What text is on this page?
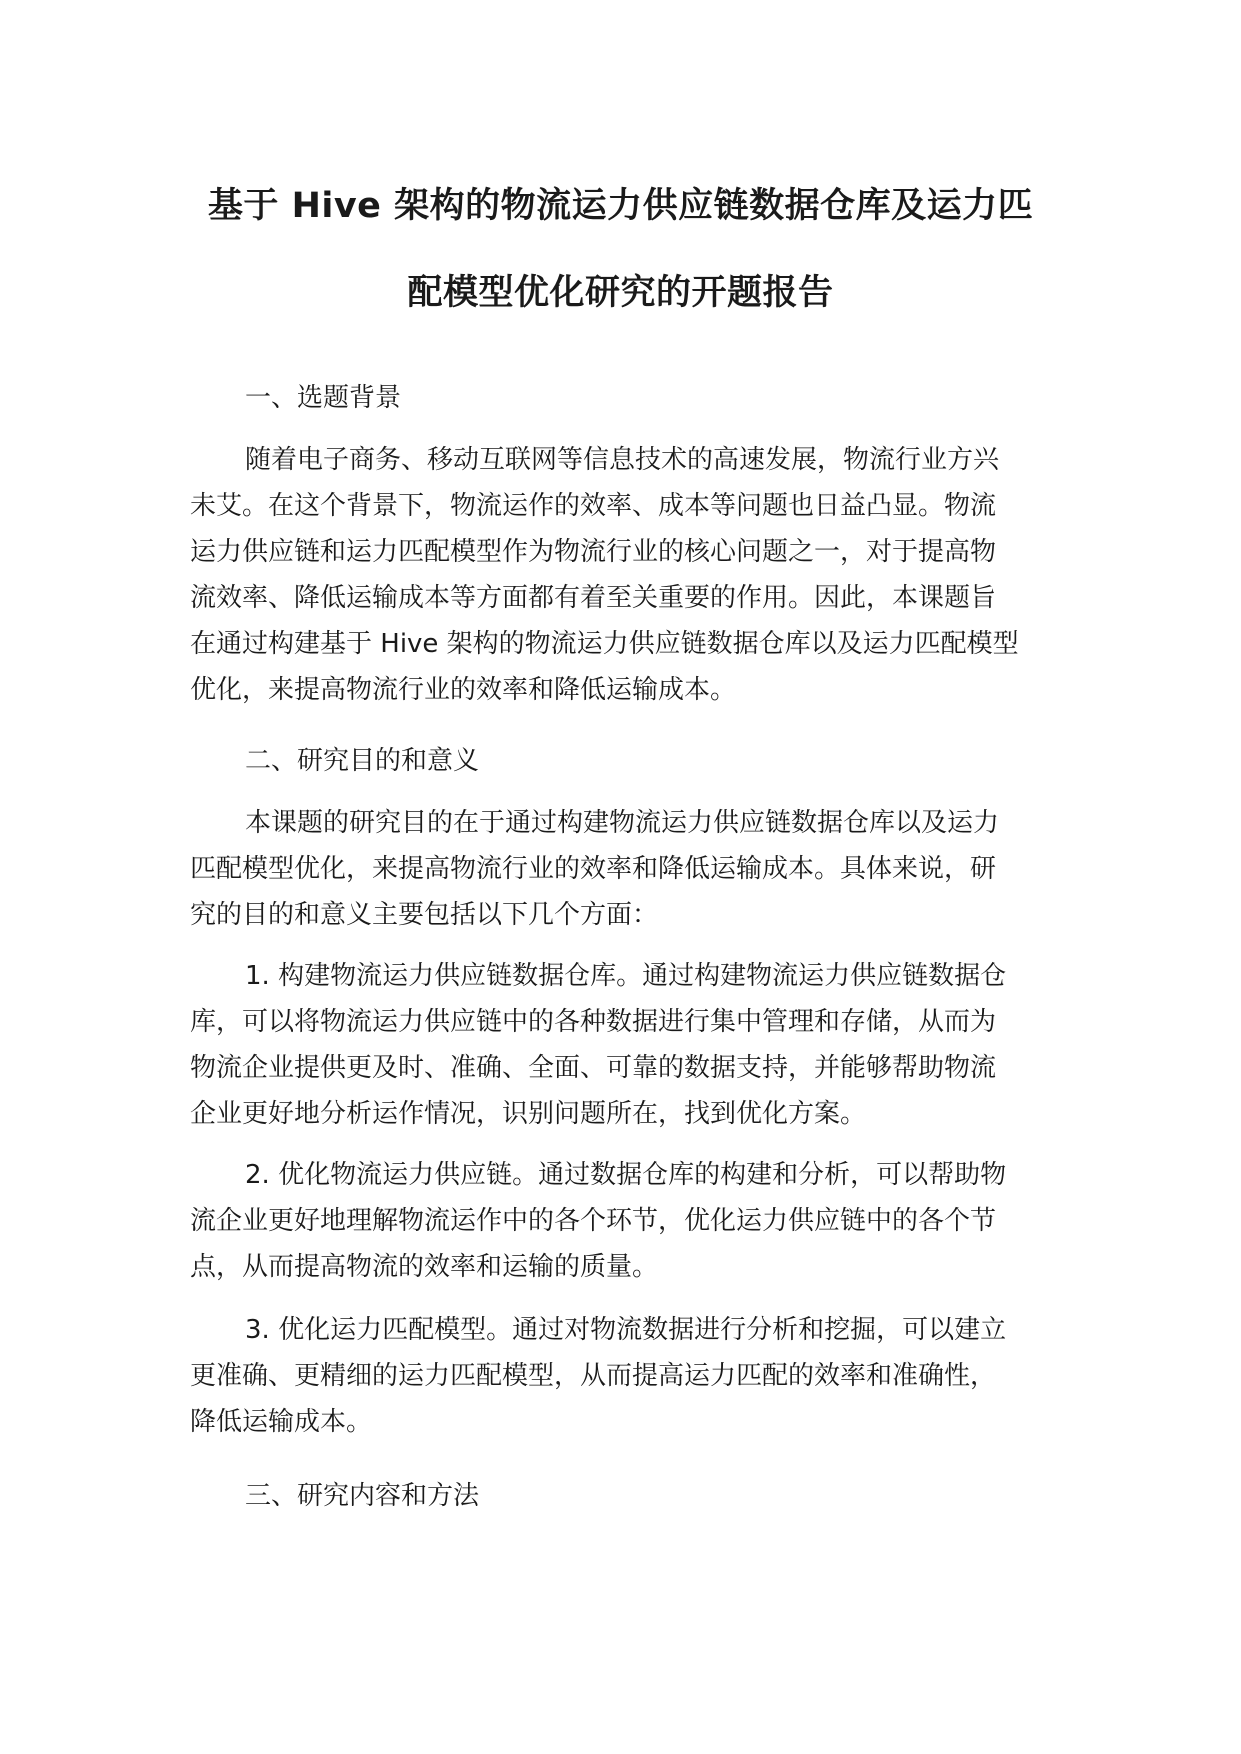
基于 Hive 架构的物流运力供应链数据仓库及运力匹
配模型优化研究的开题报告
一、选题背景

随着电子商务、移动互联网等信息技术的高速发展，物流行业方兴

未艾。在这个背景下，物流运作的效率、成本等问题也日益凸显。物流

运力供应链和运力匹配模型作为物流行业的核心问题之一，对于提高物

流效率、降低运输成本等方面都有着至关重要的作用。因此，本课题旨

在通过构建基于 Hive 架构的物流运力供应链数据仓库以及运力匹配模型

优化，来提高物流行业的效率和降低运输成本。

二、研究目的和意义

本课题的研究目的在于通过构建物流运力供应链数据仓库以及运力

匹配模型优化，来提高物流行业的效率和降低运输成本。具体来说，研

究的目的和意义主要包括以下几个方面：

1. 构建物流运力供应链数据仓库。通过构建物流运力供应链数据仓

库，可以将物流运力供应链中的各种数据进行集中管理和存储，从而为

物流企业提供更及时、准确、全面、可靠的数据支持，并能够帮助物流

企业更好地分析运作情况，识别问题所在，找到优化方案。

2. 优化物流运力供应链。通过数据仓库的构建和分析，可以帮助物

流企业更好地理解物流运作中的各个环节，优化运力供应链中的各个节

点，从而提高物流的效率和运输的质量。

3. 优化运力匹配模型。通过对物流数据进行分析和挖掘，可以建立

更准确、更精细的运力匹配模型，从而提高运力匹配的效率和准确性，

降低运输成本。

三、研究内容和方法
